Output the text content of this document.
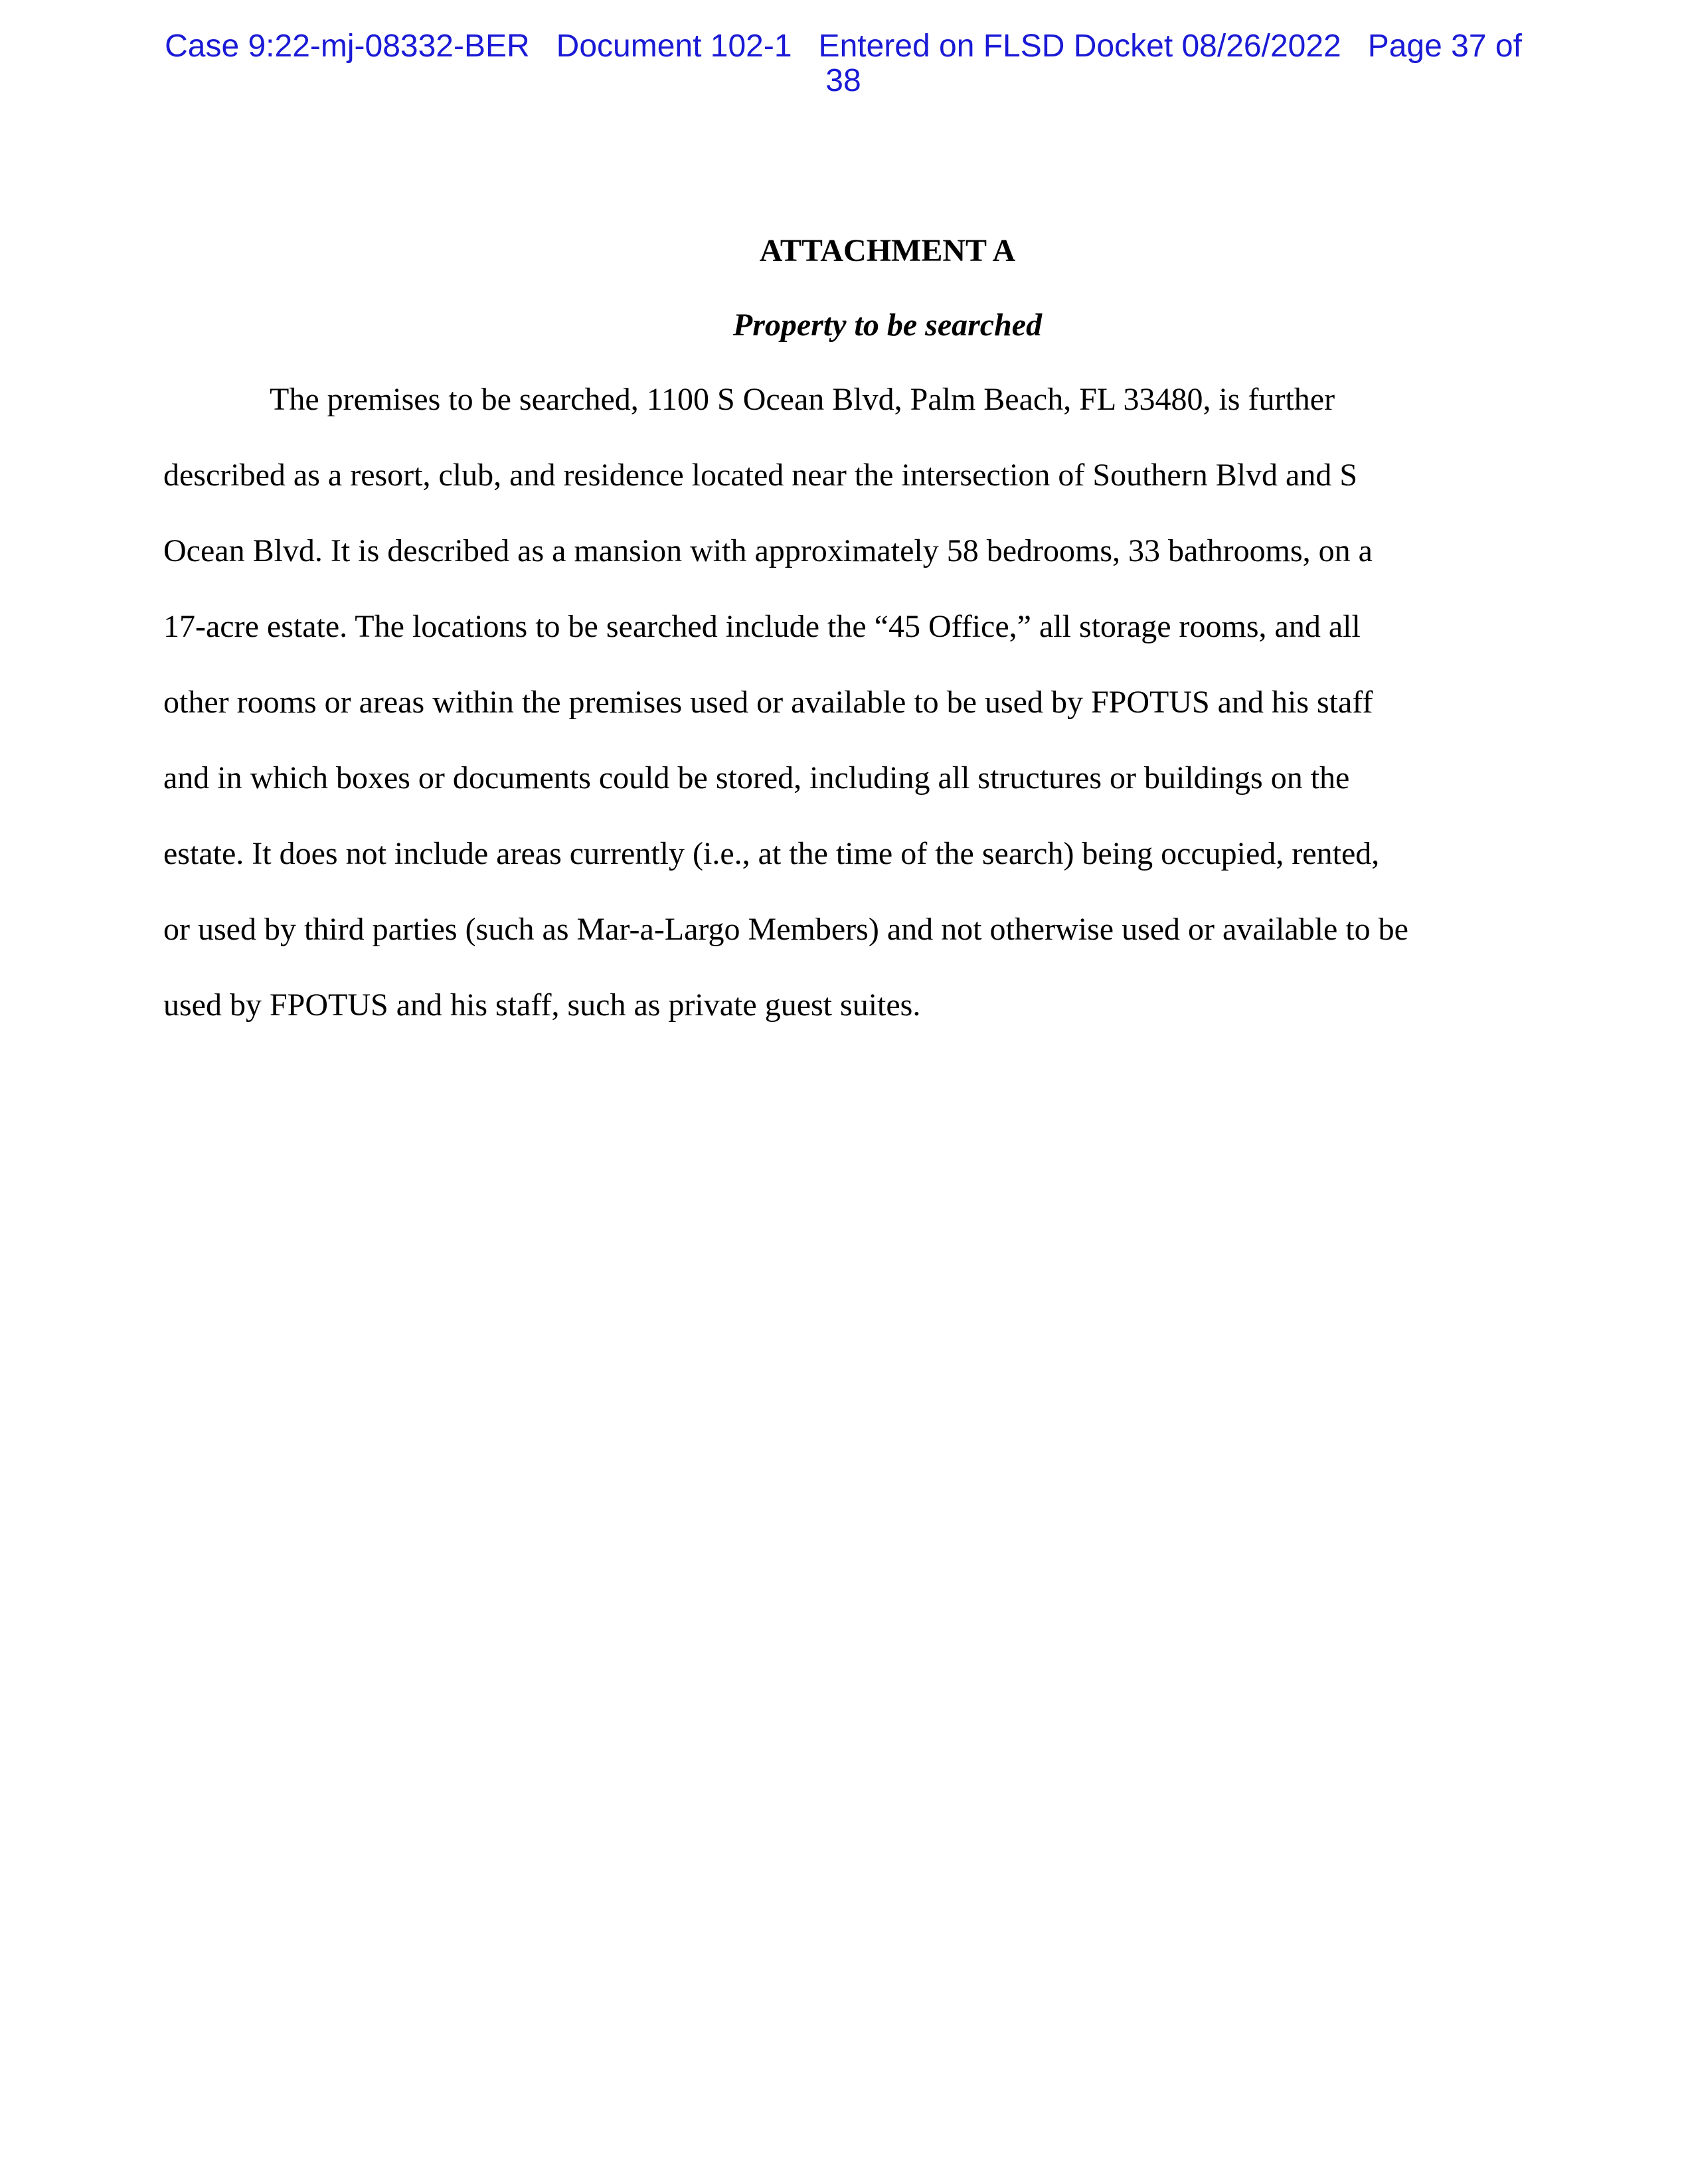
Case 9:22-mj-08332-BER Document 102-1 Entered on FLSD Docket 08/26/2022 Page 37 of
38
ATTACHMENT A
Property to be searched
The premises to be searched, 1100 S Ocean Blvd, Palm Beach, FL 33480, is further
described as a resort, club, and residence located near the intersection of Southern Blvd and S
Ocean Blvd. It is described as a mansion with approximately 58 bedrooms, 33 bathrooms, on a
17-acre estate. The locations to be searched include the “45 Office,” all storage rooms, and all
other rooms or areas within the premises used or available to be used by FPOTUS and his staff
and in which boxes or documents could be stored, including all structures or buildings on the
estate. It does not include areas currently (i.e., at the time of the search) being occupied, rented,
or used by third parties (such as Mar-a-Largo Members) and not otherwise used or available to be
used by FPOTUS and his staff, such as private guest suites.
